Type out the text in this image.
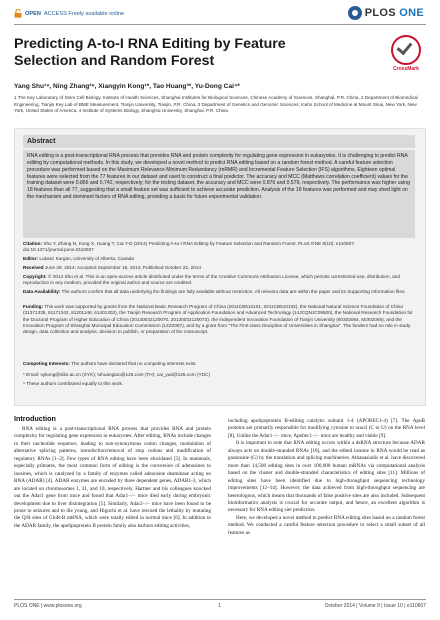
OPEN ACCESS Freely available online	PLOS ONE
Predicting A-to-I RNA Editing by Feature Selection and Random Forest	CrossMark
Yang Shu¹⁹, Ning Zhang²⁹, Xiangyin Kong¹*, Tao Huang³*, Yu-Dong Cai⁴*
1 The Key Laboratory of Stem Cell Biology, Institute of Health Sciences, Shanghai Institutes for Biological Sciences, Chinese Academy of Sciences, Shanghai, P.R. China, 2 Department of Biomedical Engineering, Tianjin Key Lab of BME Measurement, Tianjin University, Tianjin, P.R. China, 3 Department of Genetics and Genomic Sciences, Icahn School of Medicine at Mount Sinai, New York, New York, United States of America, 4 Institute of Systems Biology, Shanghai University, Shanghai, P.R. China
Abstract
RNA editing is a post-transcriptional RNA process that provides RNA and protein complexity for regulating gene expression in eukaryotes. It is challenging to predict RNA editing by computational methods. In this study, we developed a novel method to predict RNA editing based on a random forest method. A careful feature selection procedure was performed based on the Maximum Relevance Minimum Redundancy (mRMR) and Incremental Feature Selection (IFS) algorithms. Eighteen optimal features were selected from the 77 features in our dataset and used to construct a final predictor. The accuracy and MCC (Matthews correlation coefficient) values for the training dataset were 0.866 and 0.742, respectively; for the testing dataset, the accuracy and MCC were 0.876 and 0.576, respectively. The performance was higher using 18 features than all 77, suggesting that a small feature set was sufficient to achieve accurate prediction. Analysis of the 18 features was performed and may shed light on the mechanism and dominant factors of RNA editing, providing a basis for future experimental validation.
Citation: Shu Y, Zhang N, Kong X, Huang T, Cai Y-D (2014) Predicting A-to-I RNA Editing by Feature Selection and Random Forest. PLoS ONE 9(10): e110607. doi:10.1371/journal.pone.0110607
Editor: Lukasz Kurgan, University of Alberta, Canada
Received June 28, 2014; Accepted September 16, 2014; Published October 22, 2014
Copyright: © 2014 Shu et al. This is an open-access article distributed under the terms of the Creative Commons Attribution License, which permits unrestricted use, distribution, and reproduction in any medium, provided the original author and source are credited.
Data Availability: The authors confirm that all data underlying the findings are fully available without restriction. All relevant data are within the paper and its Supporting Information files.
Funding: This work was supported by grants from the National Basic Research Program of China (2011CB510101, 2011CB510102), the National Natural Science Foundation of China (31371335, 81171342, 81201148, 61401302), the Tianjin Research Program of Application Foundation and Advanced Technology (14JCQNJC09500), the National Research Foundation for the Doctoral Program of Higher Education of China (20130032120070, 20120032120073), the Independent Innovation Foundation of Tianjin University (60302064, 60302069), and the Innovation Program of Shanghai Municipal Education Commission (12ZZ087), and by a grant from "The First-class Discipline of Universities in Shanghai". The funders had no role in study design, data collection and analysis, decision to publish, or preparation of the manuscript.
Competing Interests: The authors have declared that no competing interests exist.
* Email: xykong@sibs.ac.cn (XYK); tohuangtao@126.com (TH); cai_yud@126.com (YDC)
⁹ These authors contributed equally to this work.
Introduction

RNA editing is a post-transcriptional RNA process that provides RNA and protein complexity for regulating gene expression in eukaryotes. After editing, RNAs include changes in their nucleotide sequence, leading to non-synonymous codon changes, modulation of alternative splicing patterns, introduction/removal of stop codons and modification of regulatory RNAs [1–2]. Few types of RNA editing have been elucidated [3]. In mammals, especially primates, the most common form of editing is the conversion of adenosines to inosines, which is catalyzed by a family of enzymes called adenosine deaminase acting on RNA (ADAR) [4]. ADAR enzymes are encoded by three dependent genes, ADAR1-3, which are located on chromosomes 1, 21, and 10, respectively. Hartner and his colleagues knocked out the Adar1 gene from mice and found that Adar1−/− mice died early during embryonic development due to liver disintegration [5]. Similarly, Adar2−/− mice have been found to be prone to seizures and to die young, and Higuchi et al. have rescued the lethality by mutating the Q/R sites of GluR-B mRNA, which were totally edited in normal mice [6]. In addition to the ADAR family, the apolipoprotein B protein family also harbors editing activities,

including apolipoprotein B-editing catalytic subunit 1-4 (APOBEC1-4) [7]. The ApoB proteins are primarily responsible for modifying cytosine to uracil (C to U) on the RNA level [8]. Unlike the Adar1−/− mice, Apobec1−/− mice are healthy and viable [9].

It is important to note that RNA editing occurs within a dsRNA structure because ADAR always acts on double-stranded RNAs [10], and the edited inosine in RNA would be read as guanosine (G) by the translation and splicing machineries. Athanasiadis et al. have discovered more than 14,500 editing sites in over 100,000 human mRNAs via computational analysis based on the cluster and double-stranded characteristics of editing sites [11]. Millions of editing sites have been identified due to high-throughput sequencing technology improvements [12–14]. However, the data achieved from high-throughput sequencing are heterologous, which means that thousands of false positive sites are also included. Subsequent bioinformatics analysis is crucial for accurate output, and hence, an excellent algorithm is necessary for RNA editing site prediction.

Here, we developed a novel method to predict RNA editing sites based on a random forest method. We conducted a careful feature selection procedure to select a small subset of all features as

PLOS ONE | www.plosone.org	1	October 2014 | Volume 9 | Issue 10 | e110607
